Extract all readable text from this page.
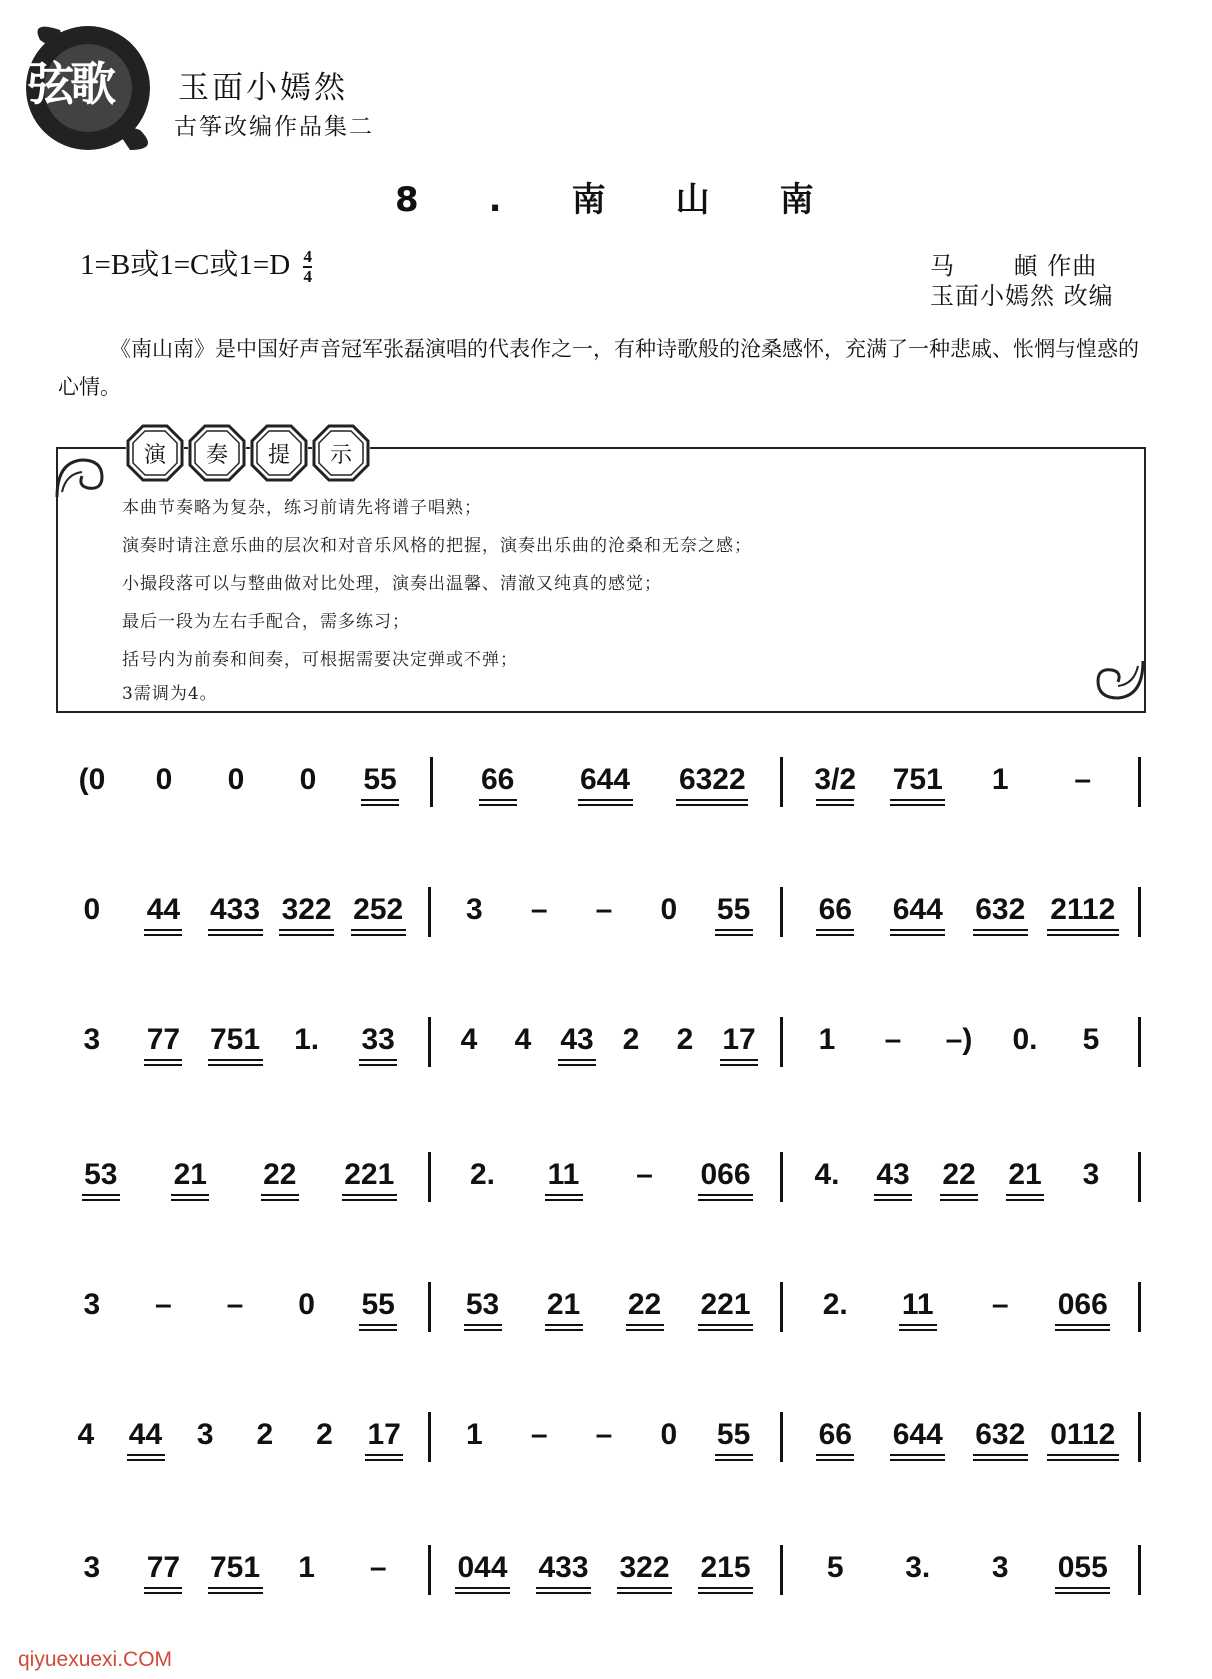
弦歌 玉面小嫣然
古筝改编作品集二
8.南山南
1=B或1=C或$1=D \frac{4}{4}$	马　　 頔 作曲
玉面小嫣然 改编
《南山南》是中国好声音冠军张磊演唱的代表作之一，有种诗歌般的沧桑感怀，充满了一种悲戚、怅惘与惶惑的心情。
演	奏	提	示
本曲节奏略为复杂，练习前请先将谱子唱熟；
演奏时请注意乐曲的层次和对音乐风格的把握，演奏出乐曲的沧桑和无奈之感；
小撮段落可以与整曲做对比处理，演奏出温馨、清澈又纯真的感觉；
最后一段为左右手配合，需多练习；
括号内为前奏和间奏，可根据需要决定弹或不弹；
3需调为4。
(0	0	0	0	55	66	644	6322	3/2	751	1	–
0	44 433 322 252	3	–	–	0	55	66	644	632 2112
3	77 751	1.	33	4	4 43 2	2 17	1	–	–)	0.	5
53	21	22	221	2.	11	–	066	4.	43	22	21	3
3	–	–	0	55	53	21	22	221	2.	11	–	066
4	44	3	2	2	17	1	–	–	0	55	66	644	632 0112
3	77 751	1	–	044	433	322	215	5	3.	3	055
qiyuexuexi.COM
